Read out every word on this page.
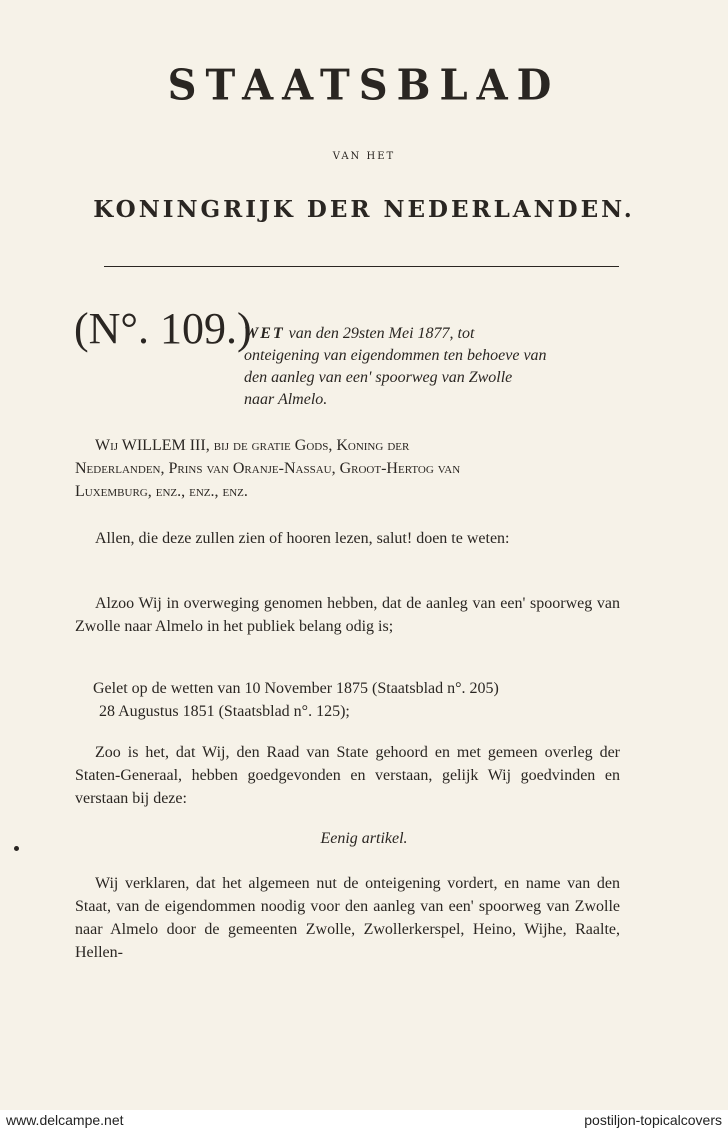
STAATSBLAD
VAN HET
KONINGRIJK DER NEDERLANDEN.
(N°. 109.)
WET van den 29sten Mei 1877, tot
onteigening van eigendommen ten behoeve van
den aanleg van een' spoorweg van Zwolle
naar Almelo.
Wij WILLEM III, bij de gratie Gods, Koning der
Nederlanden, Prins van Oranje-Nassau, Groot-Hertog van
Luxemburg, enz., enz., enz.
Allen, die deze zullen zien of hooren lezen, salut! doen te weten:
Alzoo Wij in overweging genomen hebben, dat de aanleg van een' spoorweg van Zwolle naar Almelo in het publiek belang odig is;
Gelet op de wetten van 10 November 1875 (Staatsblad n°. 205)
28 Augustus 1851 (Staatsblad n°. 125);
Zoo is het, dat Wij, den Raad van State gehoord en met gemeen overleg der Staten-Generaal, hebben goedgevonden en verstaan, gelijk Wij goedvinden en verstaan bij deze:
Eenig artikel.
Wij verklaren, dat het algemeen nut de onteigening vordert, en name van den Staat, van de eigendommen noodig voor den aanleg van een' spoorweg van Zwolle naar Almelo door de gemeenten Zwolle, Zwollerkerspel, Heino, Wijhe, Raalte, Hellen-
www.delcampe.net	postiljon-topicalcovers
